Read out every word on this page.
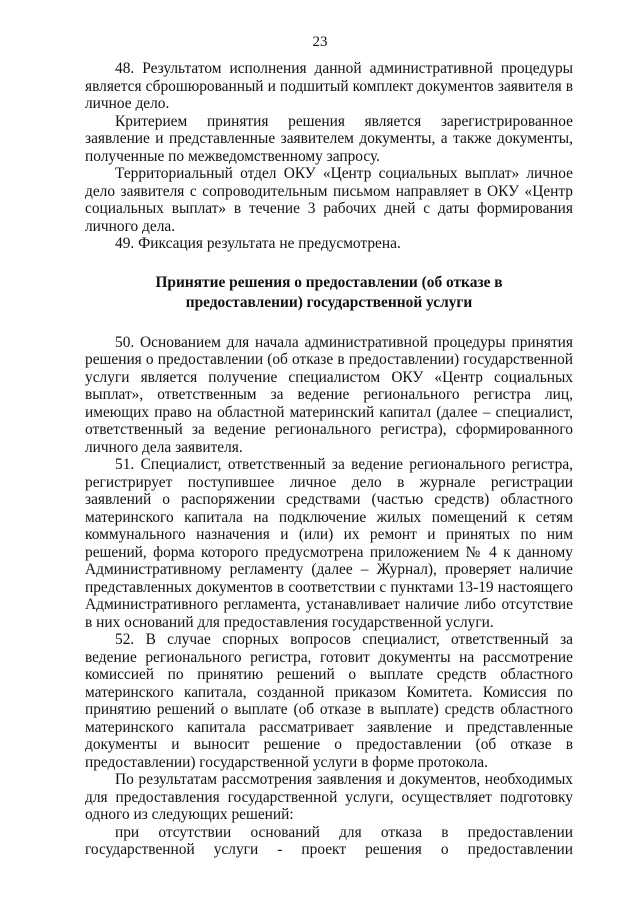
23

48. Результатом исполнения данной административной процедуры является сброшюрованный и подшитый комплект документов заявителя в личное дело.

Критерием принятия решения является зарегистрированное заявление и представленные заявителем документы, а также документы, полученные по межведомственному запросу.

Территориальный отдел ОКУ «Центр социальных выплат» личное дело заявителя с сопроводительным письмом направляет в ОКУ «Центр социальных выплат» в течение 3 рабочих дней с даты формирования личного дела.

49. Фиксация результата не предусмотрена.

Принятие решения о предоставлении (об отказе в
предоставлении) государственной услуги

50. Основанием для начала административной процедуры принятия решения о предоставлении (об отказе в предоставлении) государственной услуги является получение специалистом ОКУ «Центр социальных выплат», ответственным за ведение регионального регистра лиц, имеющих право на областной материнский капитал (далее – специалист, ответственный за ведение регионального регистра), сформированного личного дела заявителя.

51. Специалист, ответственный за ведение регионального регистра, регистрирует поступившее личное дело в журнале регистрации заявлений о распоряжении средствами (частью средств) областного материнского капитала на подключение жилых помещений к сетям коммунального назначения и (или) их ремонт и принятых по ним решений, форма которого предусмотрена приложением № 4 к данному Административному регламенту (далее – Журнал), проверяет наличие представленных документов в соответствии с пунктами 13-19 настоящего Административного регламента, устанавливает наличие либо отсутствие в них оснований для предоставления государственной услуги.

52. В случае спорных вопросов специалист, ответственный за ведение регионального регистра, готовит документы на рассмотрение комиссией по принятию решений о выплате средств областного материнского капитала, созданной приказом Комитета. Комиссия по принятию решений о выплате (об отказе в выплате) средств областного материнского капитала рассматривает заявление и представленные документы и выносит решение о предоставлении (об отказе в предоставлении) государственной услуги в форме протокола.

По результатам рассмотрения заявления и документов, необходимых для предоставления государственной услуги, осуществляет подготовку одного из следующих решений:

при отсутствии оснований для отказа в предоставлении государственной услуги - проект решения о предоставлении
